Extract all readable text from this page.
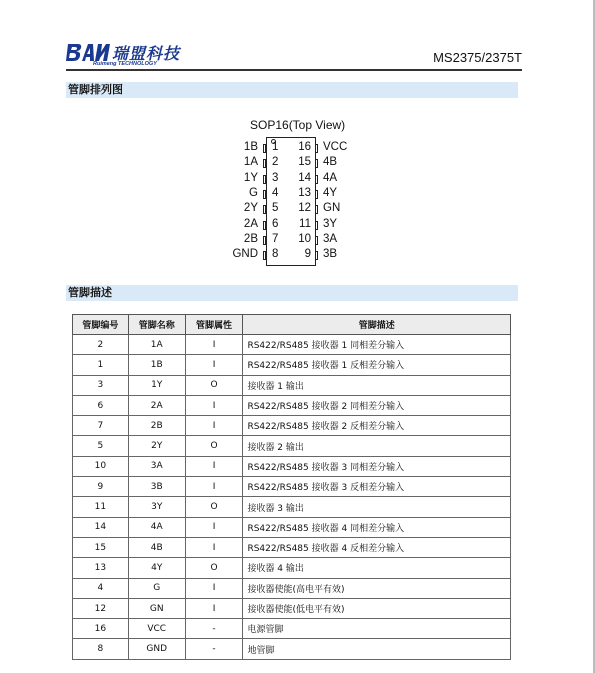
瑞盟科技
Ruimeng TECHNOLOGY	MS2375/2375T
管脚排列图
SOP16(Top View)
1B 1
1A 2
1Y 3
G 4
2Y 5
2A 6
2B 7
GND 8
16 VCC
15 4B
14 4A
13 4Y
12 GN
11 3Y
10 3A
9 3B
管脚描述
管脚编号	管脚名称	管脚属性	管脚描述
2	1A	I	RS422/RS485 接收器 1 同相差分输入
1	1B	I	RS422/RS485 接收器 1 反相差分输入
3	1Y	O	接收器 1 输出
6	2A	I	RS422/RS485 接收器 2 同相差分输入
7	2B	I	RS422/RS485 接收器 2 反相差分输入
5	2Y	O	接收器 2 输出
10	3A	I	RS422/RS485 接收器 3 同相差分输入
9	3B	I	RS422/RS485 接收器 3 反相差分输入
11	3Y	O	接收器 3 输出
14	4A	I	RS422/RS485 接收器 4 同相差分输入
15	4B	I	RS422/RS485 接收器 4 反相差分输入
13	4Y	O	接收器 4 输出
4	G	I	接收器使能(高电平有效)
12	GN	I	接收器使能(低电平有效)
16	VCC	-	电源管脚
8	GND	-	地管脚
